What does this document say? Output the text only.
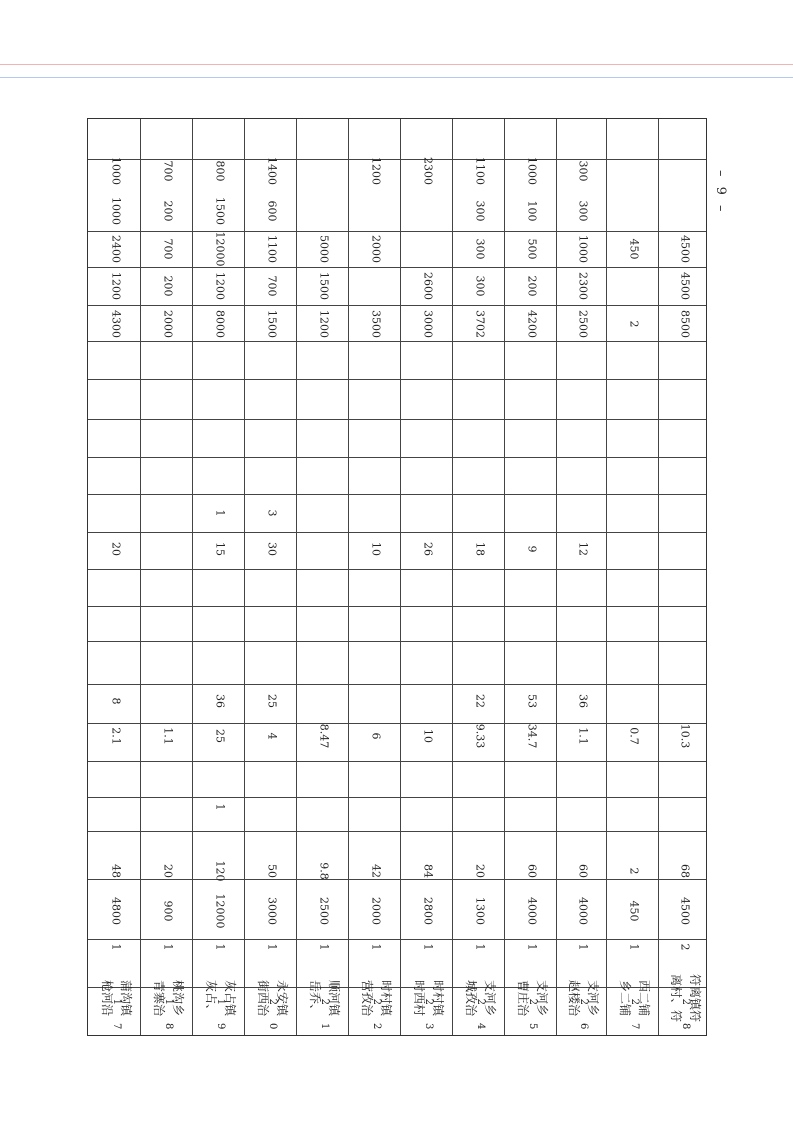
– 9 –
1000
1000
2400
1200
4300
20
8
2.1
48
4800
1
蒲沟镇
枪河沿
17
700
200
700
200
2000
1.1
20
900
1
桃沟乡
青寨治
18
800
1500
12000
1200
8000
1
15
36
25
1
120
12000
1
灰占镇
灰占、
19
1400
600
1100
700
1500
3
30
25
4
50
3000
1
永安镇
街西治
20
5000
1500
1200
8.47
9.8
2500
1
顺河镇
岳乔、
21
1200
2000
3500
10
6
42
2000
1
时村镇
营孜治
22
2300
2600
3000
26
10
84
2800
1
时村镇
时西村
23
1100
300
300
300
3702
18
22
9.33
20
1300
1
支河乡
城孜治
24
1000
100
500
200
4200
9
53
34.7
60
4000
1
支河乡
曹庄治
25
300
300
1000
2300
2500
12
36
1.1
60
4000
1
支河乡
赵楼治
26
450
2
0.7
2
450
1
西二铺
乡二铺
27
4500
4500
8500
10.3
68
4500
2
符离镇符
离村、符
28
